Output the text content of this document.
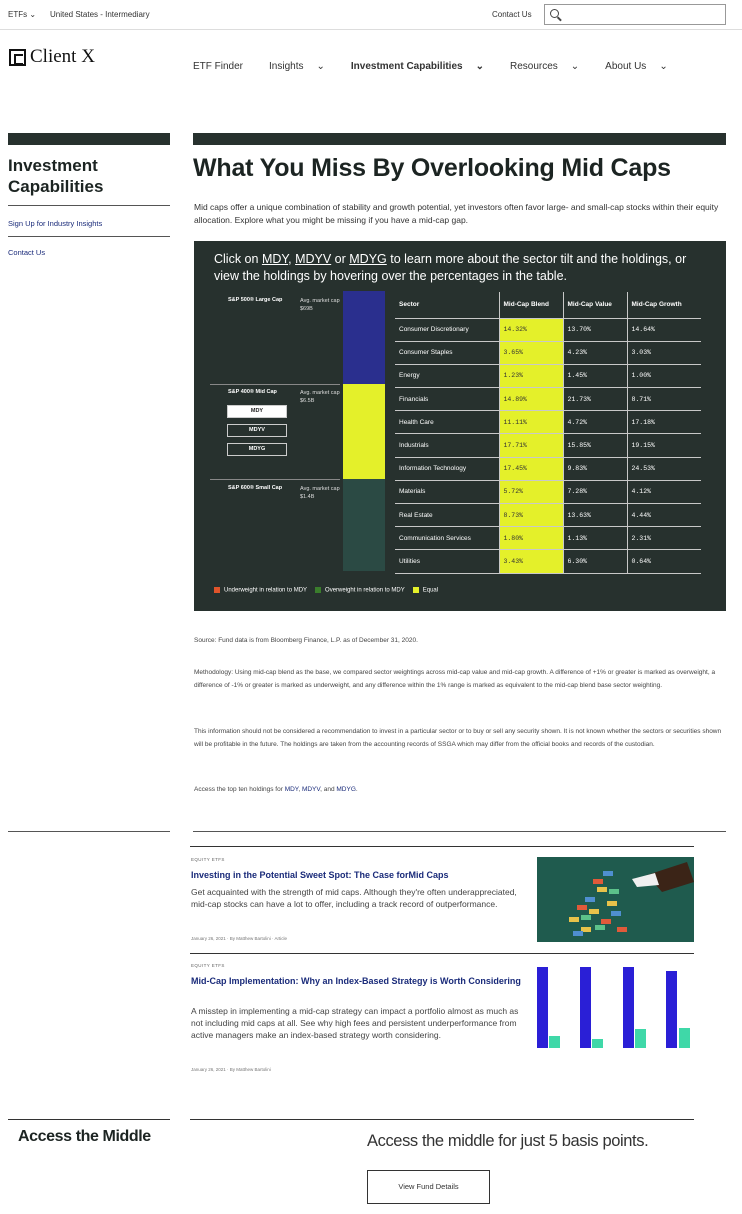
ETFs ⌄ United States - Intermediary	Contact Us
Client X	ETF Finder	Insights ⌄	Investment Capabilities ⌄	Resources ⌄	About Us ⌄
Investment Capabilities
Sign Up for Industry Insights
Contact Us
What You Miss By Overlooking Mid Caps
Mid caps offer a unique combination of stability and growth potential, yet investors often favor large- and small-cap stocks within their equity allocation. Explore what you might be missing if you have a mid-cap gap.
Click on MDY, MDYV or MDYG to learn more about the sector tilt and the holdings, or view the holdings by hovering over the percentages in the table.
S&P 500® Large Cap	Avg. market cap $69B
S&P 400® Mid Cap	Avg. market cap $6.5B
MDY
MDYV
MDYG
S&P 600® Small Cap	Avg. market cap $1.4B
Sector	Mid-Cap Blend	Mid-Cap Value	Mid-Cap Growth
Consumer Discretionary	14.32%	13.70%	14.64%
Consumer Staples	3.65%	4.23%	3.03%
Energy	1.23%	1.45%	1.00%
Financials	14.89%	21.73%	8.71%
Health Care	11.11%	4.72%	17.18%
Industrials	17.71%	15.85%	19.15%
Information Technology	17.45%	9.83%	24.53%
Materials	5.72%	7.28%	4.12%
Real Estate	8.73%	13.63%	4.44%
Communication Services	1.80%	1.13%	2.31%
Utilities	3.43%	6.30%	0.64%
Underweight in relation to MDY	Overweight in relation to MDY	Equal
Source: Fund data is from Bloomberg Finance, L.P. as of December 31, 2020.
Methodology: Using mid-cap blend as the base, we compared sector weightings across mid-cap value and mid-cap growth. A difference of +1% or greater is marked as overweight, a difference of -1% or greater is marked as underweight, and any difference within the 1% range is marked as equivalent to the mid-cap blend base sector weighting.
This information should not be considered a recommendation to invest in a particular sector or to buy or sell any security shown. It is not known whether the sectors or securities shown will be profitable in the future. The holdings are taken from the accounting records of SSGA which may differ from the official books and records of the custodian.
Access the top ten holdings for MDY, MDYV, and MDYG.
EQUITY ETFS
Investing in the Potential Sweet Spot: The Case forMid Caps
Get acquainted with the strength of mid caps. Although they're often underappreciated, mid-cap stocks can have a lot to offer, including a track record of outperformance.
January 26, 2021 · By Matthew Bartolini · Article
EQUITY ETFS
Mid-Cap Implementation: Why an Index-Based Strategy is Worth Considering
A misstep in implementing a mid-cap strategy can impact a portfolio almost as much as not including mid caps at all. See why high fees and persistent underperformance from active managers make an index-based strategy worth considering.
January 26, 2021 · By Matthew Bartolini
Access the Middle	Access the middle for just 5 basis points.
View Fund Details
